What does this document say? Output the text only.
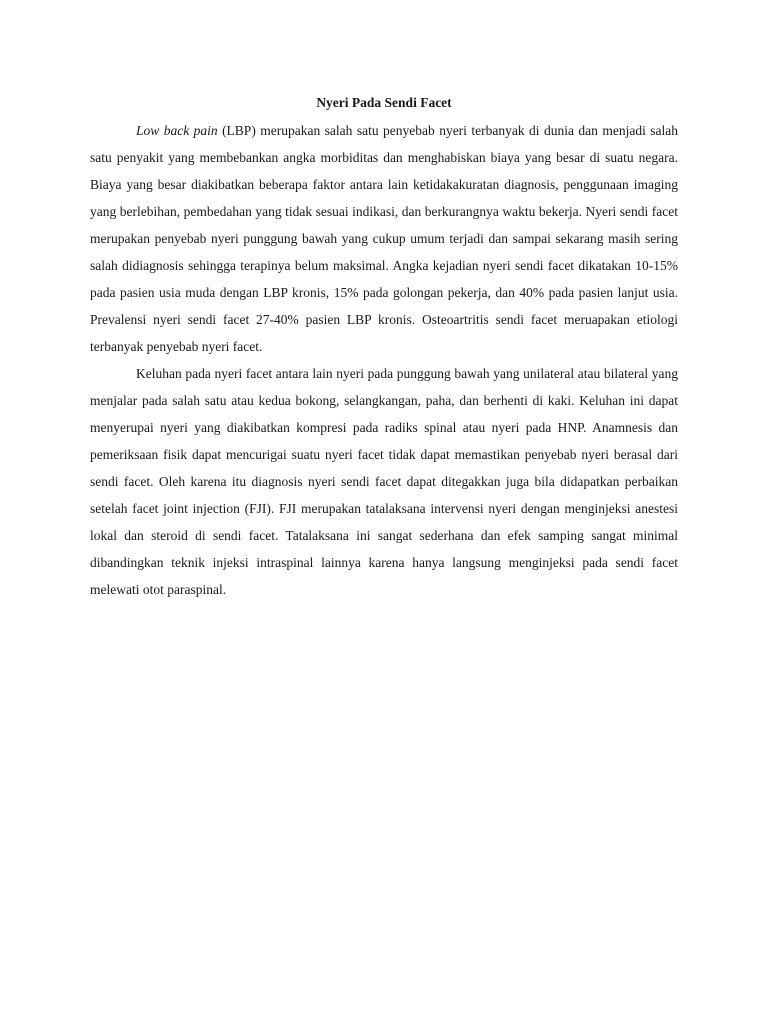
Nyeri Pada Sendi Facet

Low back pain (LBP) merupakan salah satu penyebab nyeri terbanyak di dunia dan menjadi salah satu penyakit yang membebankan angka morbiditas dan menghabiskan biaya yang besar di suatu negara. Biaya yang besar diakibatkan beberapa faktor antara lain ketidakakuratan diagnosis, penggunaan imaging yang berlebihan, pembedahan yang tidak sesuai indikasi, dan berkurangnya waktu bekerja. Nyeri sendi facet merupakan penyebab nyeri punggung bawah yang cukup umum terjadi dan sampai sekarang masih sering salah didiagnosis sehingga terapinya belum maksimal. Angka kejadian nyeri sendi facet dikatakan 10-15% pada pasien usia muda dengan LBP kronis, 15% pada golongan pekerja, dan 40% pada pasien lanjut usia. Prevalensi nyeri sendi facet 27-40% pasien LBP kronis. Osteoartritis sendi facet meruapakan etiologi terbanyak penyebab nyeri facet.

Keluhan pada nyeri facet antara lain nyeri pada punggung bawah yang unilateral atau bilateral yang menjalar pada salah satu atau kedua bokong, selangkangan, paha, dan berhenti di kaki. Keluhan ini dapat menyerupai nyeri yang diakibatkan kompresi pada radiks spinal atau nyeri pada HNP. Anamnesis dan pemeriksaan fisik dapat mencurigai suatu nyeri facet tidak dapat memastikan penyebab nyeri berasal dari sendi facet. Oleh karena itu diagnosis nyeri sendi facet dapat ditegakkan juga bila didapatkan perbaikan setelah facet joint injection (FJI). FJI merupakan tatalaksana intervensi nyeri dengan menginjeksi anestesi lokal dan steroid di sendi facet. Tatalaksana ini sangat sederhana dan efek samping sangat minimal dibandingkan teknik injeksi intraspinal lainnya karena hanya langsung menginjeksi pada sendi facet melewati otot paraspinal.
